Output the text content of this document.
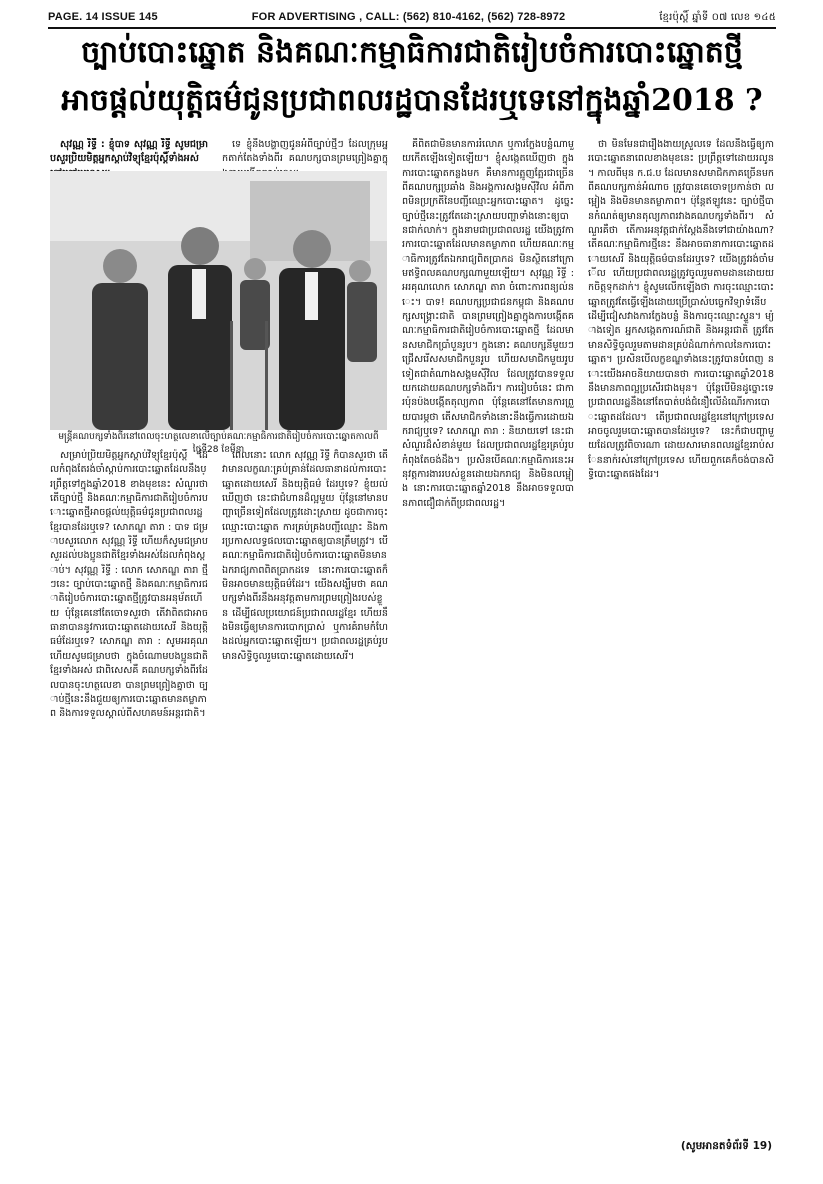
PAGE. 14 ISSUE 145	FOR ADVERTISING , CALL: (562) 810-4162, (562) 728-8972	ខ្មែរប៉ុស្តិ៍ ឆ្នាំទី ០៧ លេខ ១៤៥
ច្បាប់បោះឆ្នោត និងគណៈកម្មាធិការជាតិរៀបចំការបោះឆ្នោតថ្មី
អាចផ្តល់យុត្តិធម៌ជូនប្រជាពលរដ្ឋបានដែរឬទេនៅក្នុងឆ្នាំ2018 ?

សុវណ្ណ រិទ្ធី : ខ្ញុំបាទ សុវណ្ណ រិទ្ធី សូមជម្រាបសួរប្រិយមិត្តអ្នកស្តាប់វិទ្យុខ្មែរប៉ុស្តិ៍ទាំងអស់

ទេ ខ្ញុំនឹងបង្ហាញជូនអំពីច្បាប់ថ្មីៗ ដែលក្រុមអ្នកតាក់តែងទាំងពីរ គណបក្សបានព្រមព្រៀងគ្នាក្នុ

មន្ត្រីគណបក្សទាំងពីរនៅពេលចុះហត្ថលេខាលើច្បាប់គណៈកម្មាធិការជាតិរៀបចំការបោះឆ្នោតកាលពីថ្ងៃទី28 ខែមីនា

សម្រាប់ប្រិយមិត្តអ្នកស្តាប់វិទ្យុខ្មែរប៉ុស្តិ៍ ដែលកំពុងតែរង់ចាំស្តាប់ការបោះឆ្នោតដែលនឹងប្រព្រឹត្តទៅក្នុងឆ្នាំ2018 ខាងមុខនេះ សំណួរថា តើច្បាប់ថ្មី និងគណៈកម្មាធិការជាតិរៀបចំការបោះឆ្នោតថ្មីអាចផ្តល់យុត្តិធម៌ជូនប្រជាពលរដ្ឋខ្មែរបានដែរឬទេ? សោភណ្ឌ តារា : បាទ ជម្រាបសួរលោក សុវណ្ណ រិទ្ធី ហើយក៏សូមជម្រាបសួរដល់បងប្អូនជាតិខ្មែរទាំងអស់ដែលកំពុងស្តាប់។ សុវណ្ណ រិទ្ធី : លោក សោភណ្ឌ តារា ថ្មីៗនេះ ច្បាប់បោះឆ្នោតថ្មី និងគណៈកម្មាធិការជាតិរៀបចំការបោះឆ្នោតថ្មីត្រូវបានអនុម័តហើយ ប៉ុន្តែគេនៅតែចោទសួរថា តើវាពិតជាអាចធានាបាននូវការបោះឆ្នោតដោយសេរី និងយុត្តិធម៌ដែរឬទេ? សោភណ្ឌ តារា : សូមអរគុណ ហើយសូមជម្រាបថា ក្នុងចំណោមបងប្អូនជាតិខ្មែរទាំងអស់ ជាពិសេសគឺ គណបក្សទាំងពីរដែលបានចុះហត្ថលេខា បានព្រមព្រៀងគ្នាថា ច្បាប់ថ្មីនេះនឹងជួយឲ្យការបោះឆ្នោតមានតម្លាភាព និងការទទួលស្គាល់ពីសហគមន៍អន្តរជាតិ។

ពេលនោះ លោក សុវណ្ណ រិទ្ធី ក៏បានសួរថា តើវាមានលក្ខណៈគ្រប់គ្រាន់ដែលធានាដល់ការបោះឆ្នោតដោយសេរី និងយុត្តិធម៌ ដែរឬទេ? ខ្ញុំយល់ឃើញថា នេះជាជំហានដ៏ល្អមួយ ប៉ុន្តែនៅមានបញ្ហាច្រើនទៀតដែលត្រូវដោះស្រាយ ដូចជាការចុះឈ្មោះបោះឆ្នោត ការគ្រប់គ្រងបញ្ជីឈ្មោះ និងការប្រកាសលទ្ធផលបោះឆ្នោតឲ្យបានត្រឹមត្រូវ។ បើគណៈកម្មាធិការជាតិរៀបចំការបោះឆ្នោតមិនមានឯករាជ្យភាពពិតប្រាកដទេ នោះការបោះឆ្នោតក៏មិនអាចមានយុត្តិធម៌ដែរ។ យើងសង្ឃឹមថា គណបក្សទាំងពីរនឹងអនុវត្តតាមការព្រមព្រៀងរបស់ខ្លួន ដើម្បីផលប្រយោជន៍ប្រជាពលរដ្ឋខ្មែរ ហើយនឹងមិនធ្វើឲ្យមានការបោកប្រាស់ ឬការគំរាមកំហែងដល់អ្នកបោះឆ្នោតឡើយ។ ប្រជាពលរដ្ឋគ្រប់រូបមានសិទ្ធិចូលរួមបោះឆ្នោតដោយសេរី។

គឺពិតជាមិនមានការរំលោភ ឬការក្លែងបន្លំណាមួយកើតឡើងទៀតឡើយ។ ខ្ញុំសង្កេតឃើញថា ក្នុងការបោះឆ្នោតកន្លងមក គឺមានការត្អូញត្អែរជាច្រើនពីគណបក្សប្រឆាំង និងអង្គការសង្គមស៊ីវិល អំពីភាពមិនប្រក្រតីនៃបញ្ជីឈ្មោះអ្នកបោះឆ្នោត។ ដូច្នេះ ច្បាប់ថ្មីនេះត្រូវតែដោះស្រាយបញ្ហាទាំងនោះឲ្យបានជាក់លាក់។ ក្នុងនាមជាប្រជាពលរដ្ឋ យើងត្រូវការការបោះឆ្នោតដែលមានតម្លាភាព ហើយគណៈកម្មាធិការត្រូវតែឯករាជ្យពិតប្រាកដ មិនស្ថិតនៅក្រោមឥទ្ធិពលគណបក្សណាមួយឡើយ។ សុវណ្ណ រិទ្ធី : អរគុណលោក សោភណ្ឌ តារា ចំពោះការពន្យល់នេះ។ បាទ! គណបក្សប្រជាជនកម្ពុជា និងគណបក្សសង្គ្រោះជាតិ បានព្រមព្រៀងគ្នាក្នុងការបង្កើតគណៈកម្មាធិការជាតិរៀបចំការបោះឆ្នោតថ្មី ដែលមានសមាជិកប្រាំបួនរូប។ ក្នុងនោះ គណបក្សនីមួយៗ ជ្រើសរើសសមាជិកបួនរូប ហើយសមាជិកមួយរូបទៀតជាតំណាងសង្គមស៊ីវិល ដែលត្រូវបានទទួលយកដោយគណបក្សទាំងពីរ។ ការរៀបចំនេះ ជាការប៉ុនប៉ងបង្កើតតុល្យភាព ប៉ុន្តែគេនៅតែមានការព្រួយបារម្ភថា តើសមាជិកទាំងនោះនឹងធ្វើការដោយឯករាជ្យឬទេ? សោភណ្ឌ តារា : និយាយទៅ នេះជាសំណួរដ៏សំខាន់មួយ ដែលប្រជាពលរដ្ឋខ្មែរគ្រប់រូបកំពុងតែចង់ដឹង។ ប្រសិនបើគណៈកម្មាធិការនេះអនុវត្តការងាររបស់ខ្លួនដោយឯករាជ្យ និងមិនលម្អៀង នោះការបោះឆ្នោតឆ្នាំ2018 នឹងអាចទទួលបានភាពជឿជាក់ពីប្រជាពលរដ្ឋ។

ថា មិនមែនជារឿងងាយស្រួលទេ ដែលនឹងធ្វើឲ្យការបោះឆ្នោតនាពេលខាងមុខនេះ ប្រព្រឹត្តទៅដោយរលូន។ កាលពីមុន ក.ជ.ប ដែលមានសមាជិកភាគច្រើនមកពីគណបក្សកាន់អំណាច ត្រូវបានគេចោទប្រកាន់ថា លម្អៀង និងមិនមានតម្លាភាព។ ប៉ុន្តែឥឡូវនេះ ច្បាប់ថ្មីបានកំណត់ឲ្យមានតុល្យភាពរវាងគណបក្សទាំងពីរ។ សំណួរគឺថា តើការអនុវត្តជាក់ស្តែងនឹងទៅជាយ៉ាងណា? តើគណៈកម្មាធិការថ្មីនេះ នឹងអាចធានាការបោះឆ្នោតដោយសេរី និងយុត្តិធម៌បានដែរឬទេ? យើងត្រូវរង់ចាំមើល ហើយប្រជាពលរដ្ឋត្រូវចូលរួមតាមដានដោយយកចិត្តទុកដាក់។ ខ្ញុំសូមលើកឡើងថា ការចុះឈ្មោះបោះឆ្នោតត្រូវតែធ្វើឡើងដោយប្រើប្រាស់បច្ចេកវិទ្យាទំនើប ដើម្បីជៀសវាងការក្លែងបន្លំ និងការចុះឈ្មោះស្ទួន។ ម្យ៉ាងទៀត អ្នកសង្កេតការណ៍ជាតិ និងអន្តរជាតិ ត្រូវតែមានសិទ្ធិចូលរួមតាមដានគ្រប់ដំណាក់កាលនៃការបោះឆ្នោត។ ប្រសិនបើលក្ខខណ្ឌទាំងនេះត្រូវបានបំពេញ នោះយើងអាចនិយាយបានថា ការបោះឆ្នោតឆ្នាំ2018 នឹងមានភាពល្អប្រសើរជាងមុន។ ប៉ុន្តែបើមិនដូច្នោះទេ ប្រជាពលរដ្ឋនឹងនៅតែបាត់បង់ជំនឿលើដំណើរការបោះឆ្នោតដដែល។ តើប្រជាពលរដ្ឋខ្មែរនៅក្រៅប្រទេសអាចចូលរួមបោះឆ្នោតបានដែរឬទេ? នេះក៏ជាបញ្ហាមួយដែលត្រូវពិចារណា ដោយសារមានពលរដ្ឋខ្មែររាប់សែននាក់រស់នៅក្រៅប្រទេស ហើយពួកគេក៏ចង់បានសិទ្ធិបោះឆ្នោតផងដែរ។

(សូមអានតទំព័រទី 19)
